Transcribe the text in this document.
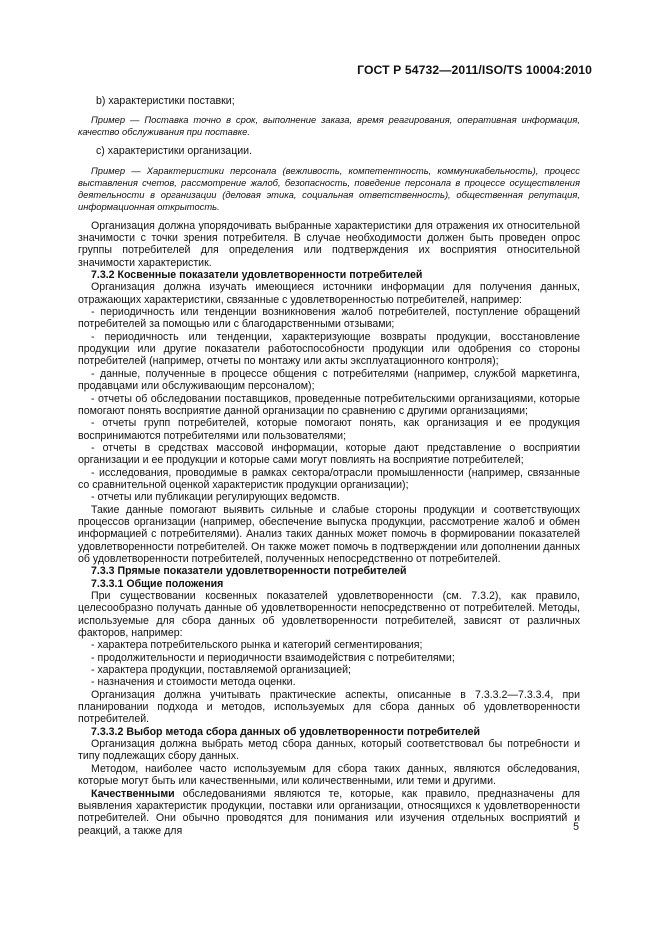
ГОСТ Р 54732—2011/ISO/TS 10004:2010

b) характеристики поставки;

Пример — Поставка точно в срок, выполнение заказа, время реагирования, оперативная информация, качество обслуживания при поставке.

c) характеристики организации.

Пример — Характеристики персонала (вежливость, компетентность, коммуникабельность), процесс выставления счетов, рассмотрение жалоб, безопасность, поведение персонала в процессе осуществления деятельности в организации (деловая этика, социальная ответственность), общественная репутация, информационная открытость.

Организация должна упорядочивать выбранные характеристики для отражения их относительной значимости с точки зрения потребителя. В случае необходимости должен быть проведен опрос группы потребителей для определения или подтверждения их восприятия относительной значимости характеристик.

7.3.2 Косвенные показатели удовлетворенности потребителей

Организация должна изучать имеющиеся источники информации для получения данных, отражающих характеристики, связанные с удовлетворенностью потребителей, например:

- периодичность или тенденции возникновения жалоб потребителей, поступление обращений потребителей за помощью или с благодарственными отзывами;

- периодичность или тенденции, характеризующие возвраты продукции, восстановление продукции или другие показатели работоспособности продукции или одобрения со стороны потребителей (например, отчеты по монтажу или акты эксплуатационного контроля);

- данные, полученные в процессе общения с потребителями (например, службой маркетинга, продавцами или обслуживающим персоналом);

- отчеты об обследовании поставщиков, проведенные потребительскими организациями, которые помогают понять восприятие данной организации по сравнению с другими организациями;

- отчеты групп потребителей, которые помогают понять, как организация и ее продукция воспринимаются потребителями или пользователями;

- отчеты в средствах массовой информации, которые дают представление о восприятии организации и ее продукции и которые сами могут повлиять на восприятие потребителей;

- исследования, проводимые в рамках сектора/отрасли промышленности (например, связанные со сравнительной оценкой характеристик продукции организации);

- отчеты или публикации регулирующих ведомств.

Такие данные помогают выявить сильные и слабые стороны продукции и соответствующих процессов организации (например, обеспечение выпуска продукции, рассмотрение жалоб и обмен информацией с потребителями). Анализ таких данных может помочь в формировании показателей удовлетворенности потребителей. Он также может помочь в подтверждении или дополнении данных об удовлетворенности потребителей, полученных непосредственно от потребителей.

7.3.3 Прямые показатели удовлетворенности потребителей

7.3.3.1 Общие положения

При существовании косвенных показателей удовлетворенности (см. 7.3.2), как правило, целесообразно получать данные об удовлетворенности непосредственно от потребителей. Методы, используемые для сбора данных об удовлетворенности потребителей, зависят от различных факторов, например:

- характера потребительского рынка и категорий сегментирования;

- продолжительности и периодичности взаимодействия с потребителями;

- характера продукции, поставляемой организацией;

- назначения и стоимости метода оценки.

Организация должна учитывать практические аспекты, описанные в 7.3.3.2—7.3.3.4, при планировании подхода и методов, используемых для сбора данных об удовлетворенности потребителей.

7.3.3.2 Выбор метода сбора данных об удовлетворенности потребителей

Организация должна выбрать метод сбора данных, который соответствовал бы потребности и типу подлежащих сбору данных.

Методом, наиболее часто используемым для сбора таких данных, являются обследования, которые могут быть или качественными, или количественными, или теми и другими.

Качественными обследованиями являются те, которые, как правило, предназначены для выявления характеристик продукции, поставки или организации, относящихся к удовлетворенности потребителей. Они обычно проводятся для понимания или изучения отдельных восприятий и реакций, а также для	5
